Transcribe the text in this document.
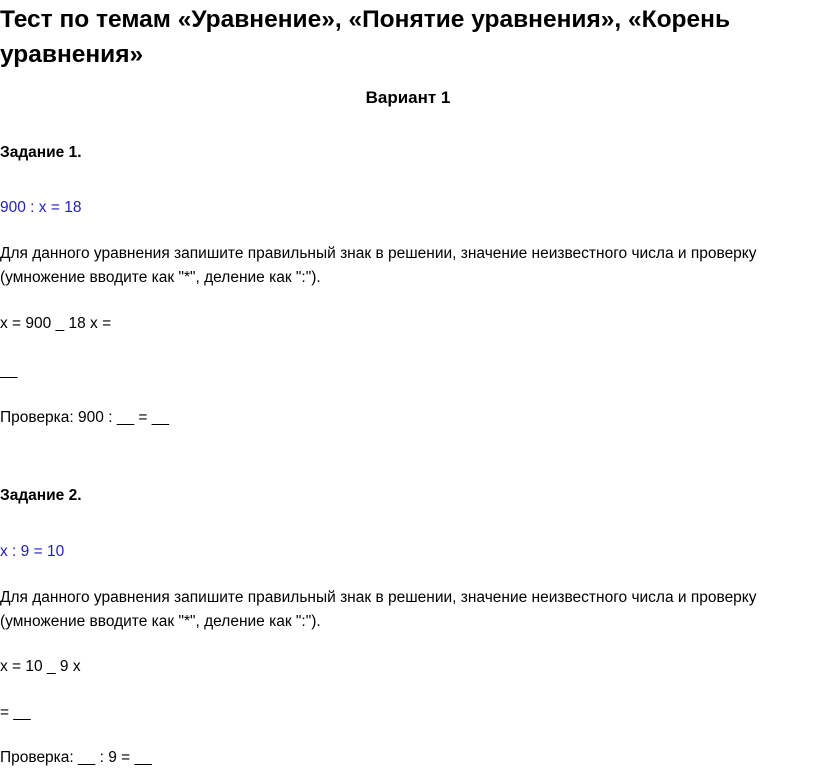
Тест по темам «Уравнение», «Понятие уравнения», «Корень уравнения»
Вариант 1

Задание 1.

900 : x = 18

Для данного уравнения запишите правильный знак в решении, значение неизвестного числа и проверку (умножение вводите как "*", деление как ":").

x = 900 _ 18 x =

__

Проверка: 900 : __ = __

Задание 2.

x : 9 = 10

Для данного уравнения запишите правильный знак в решении, значение неизвестного числа и проверку (умножение вводите как "*", деление как ":").

x = 10 _ 9 x

= __

Проверка: __ : 9 = __
